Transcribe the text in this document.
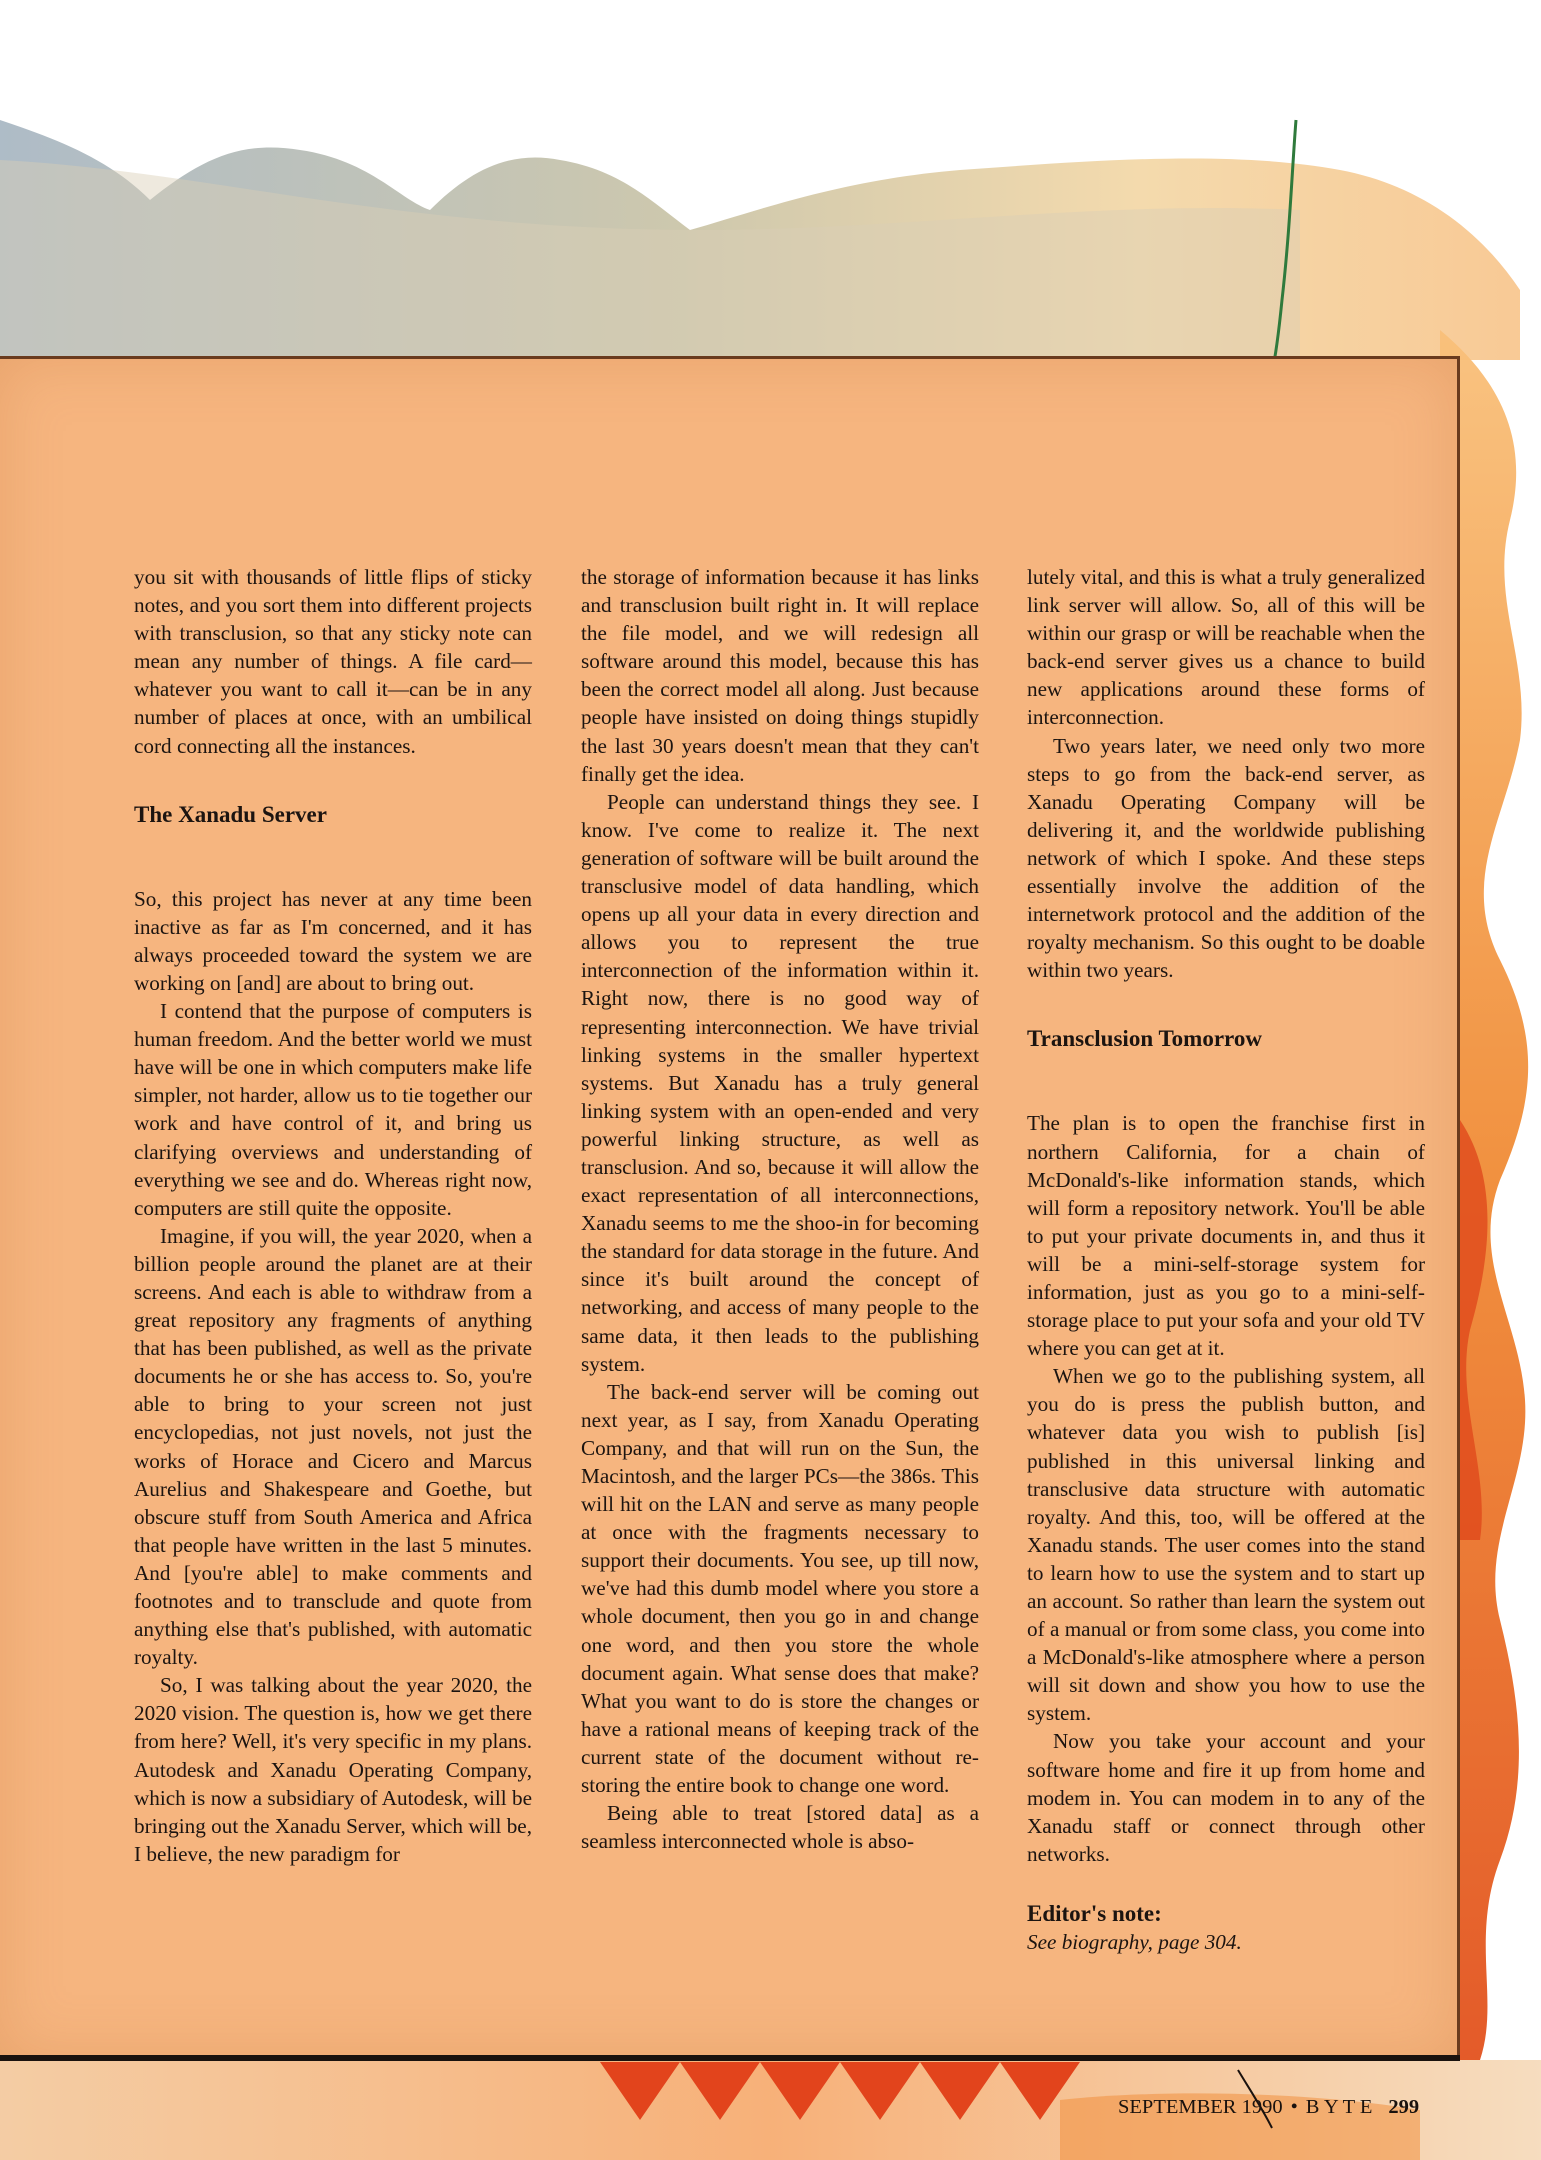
you sit with thousands of little flips of sticky notes, and you sort them into different projects with transclusion, so that any sticky note can mean any number of things. A file card—whatever you want to call it—can be in any number of places at once, with an umbilical cord connecting all the instances.

The Xanadu Server

So, this project has never at any time been inactive as far as I'm concerned, and it has always proceeded toward the system we are working on [and] are about to bring out.

I contend that the purpose of computers is human freedom. And the better world we must have will be one in which computers make life simpler, not harder, allow us to tie together our work and have control of it, and bring us clarifying overviews and understanding of everything we see and do. Whereas right now, computers are still quite the opposite.

Imagine, if you will, the year 2020, when a billion people around the planet are at their screens. And each is able to withdraw from a great repository any fragments of anything that has been published, as well as the private documents he or she has access to. So, you're able to bring to your screen not just encyclopedias, not just novels, not just the works of Horace and Cicero and Marcus Aurelius and Shakespeare and Goethe, but obscure stuff from South America and Africa that people have written in the last 5 minutes. And [you're able] to make comments and footnotes and to transclude and quote from anything else that's published, with automatic royalty.

So, I was talking about the year 2020, the 2020 vision. The question is, how we get there from here? Well, it's very specific in my plans. Autodesk and Xanadu Operating Company, which is now a subsidiary of Autodesk, will be bringing out the Xanadu Server, which will be, I believe, the new paradigm for

the storage of information because it has links and transclusion built right in. It will replace the file model, and we will redesign all software around this model, because this has been the correct model all along. Just because people have insisted on doing things stupidly the last 30 years doesn't mean that they can't finally get the idea.

People can understand things they see. I know. I've come to realize it. The next generation of software will be built around the transclusive model of data handling, which opens up all your data in every direction and allows you to represent the true interconnection of the information within it. Right now, there is no good way of representing interconnection. We have trivial linking systems in the smaller hypertext systems. But Xanadu has a truly general linking system with an open-ended and very powerful linking structure, as well as transclusion. And so, because it will allow the exact representation of all interconnections, Xanadu seems to me the shoo-in for becoming the standard for data storage in the future. And since it's built around the concept of networking, and access of many people to the same data, it then leads to the publishing system.

The back-end server will be coming out next year, as I say, from Xanadu Operating Company, and that will run on the Sun, the Macintosh, and the larger PCs—the 386s. This will hit on the LAN and serve as many people at once with the fragments necessary to support their documents. You see, up till now, we've had this dumb model where you store a whole document, then you go in and change one word, and then you store the whole document again. What sense does that make? What you want to do is store the changes or have a rational means of keeping track of the current state of the document without re-storing the entire book to change one word.

Being able to treat [stored data] as a seamless interconnected whole is abso-

lutely vital, and this is what a truly generalized link server will allow. So, all of this will be within our grasp or will be reachable when the back-end server gives us a chance to build new applications around these forms of interconnection.

Two years later, we need only two more steps to go from the back-end server, as Xanadu Operating Company will be delivering it, and the worldwide publishing network of which I spoke. And these steps essentially involve the addition of the internetwork protocol and the addition of the royalty mechanism. So this ought to be doable within two years.

Transclusion Tomorrow

The plan is to open the franchise first in northern California, for a chain of McDonald's-like information stands, which will form a repository network. You'll be able to put your private documents in, and thus it will be a mini-self-storage system for information, just as you go to a mini-self-storage place to put your sofa and your old TV where you can get at it.

When we go to the publishing system, all you do is press the publish button, and whatever data you wish to publish [is] published in this universal linking and transclusive data structure with automatic royalty. And this, too, will be offered at the Xanadu stands. The user comes into the stand to learn how to use the system and to start up an account. So rather than learn the system out of a manual or from some class, you come into a McDonald's-like atmosphere where a person will sit down and show you how to use the system.

Now you take your account and your software home and fire it up from home and modem in. You can modem in to any of the Xanadu staff or connect through other networks.

Editor's note:
See biography, page 304.
SEPTEMBER 1990 • B Y T E 299
